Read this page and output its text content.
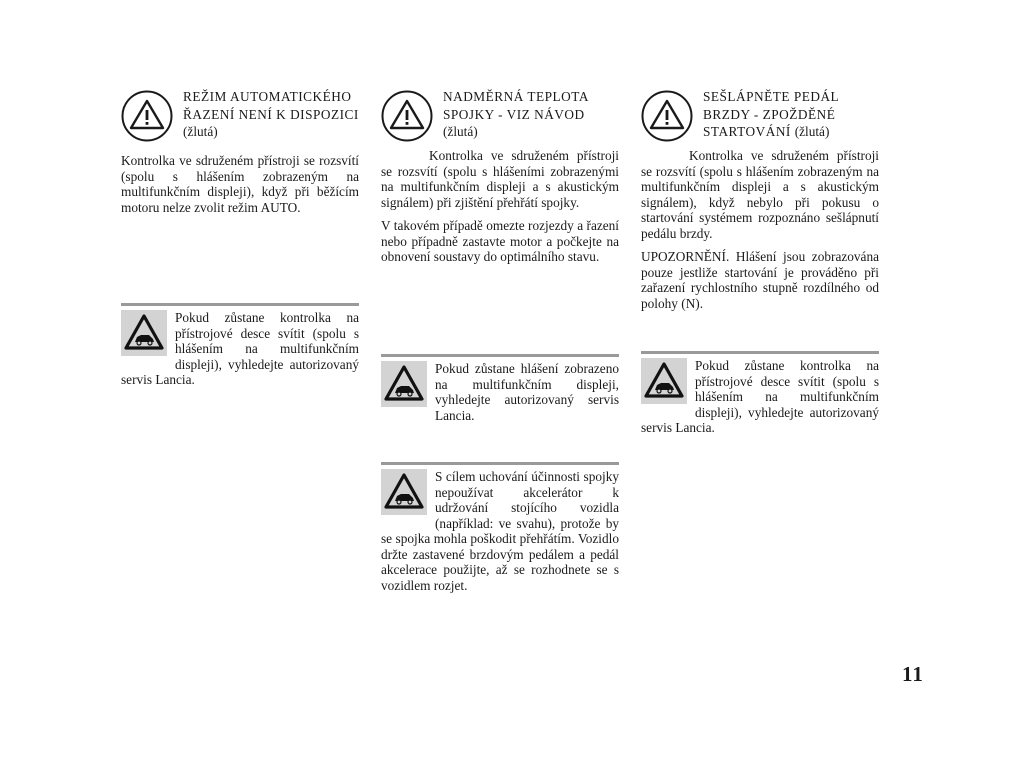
REŽIM AUTOMATICKÉHO ŘAZENÍ NENÍ K DISPOZICI (žlutá)

Kontrolka ve sdruženém přístroji se rozsvítí (spolu s hlášením zobrazeným na multifunkčním displeji), když při běžícím motoru nelze zvolit režim AUTO.

Pokud zůstane kontrolka na přístrojové desce svítit (spolu s hlášením na multifunkčním displeji), vyhledejte autorizovaný servis Lancia.

NADMĚRNÁ TEPLOTA SPOJKY - VIZ NÁVOD (žlutá)

Kontrolka ve sdruženém přístroji se rozsvítí (spolu s hlášeními zobrazenými na multifunkčním displeji a s akustickým signálem) při zjištění přehřátí spojky.

V takovém případě omezte rozjezdy a řazení nebo případně zastavte motor a počkejte na obnovení soustavy do optimálního stavu.

Pokud zůstane hlášení zobrazeno na multifunkčním displeji, vyhledejte autorizovaný servis Lancia.

S cílem uchování účinnosti spojky nepoužívat akcelerátor k udržování stojícího vozidla (například: ve svahu), protože by se spojka mohla poškodit přehřátím. Vozidlo držte zastavené brzdovým pedálem a pedál akcelerace použijte, až se rozhodnete se s vozidlem rozjet.

SEŠLÁPNĚTE PEDÁL BRZDY - ZPOŽDĚNÉ STARTOVÁNÍ (žlutá)

Kontrolka ve sdruženém přístroji se rozsvítí (spolu s hlášením zobrazeným na multifunkčním displeji a s akustickým signálem), když nebylo při pokusu o startování systémem rozpoznáno sešlápnutí pedálu brzdy.

UPOZORNĚNÍ. Hlášení jsou zobrazována pouze jestliže startování je prováděno při zařazení rychlostního stupně rozdílného od polohy (N).

Pokud zůstane kontrolka na přístrojové desce svítit (spolu s hlášením na multifunkčním displeji), vyhledejte autorizovaný servis Lancia.

11
